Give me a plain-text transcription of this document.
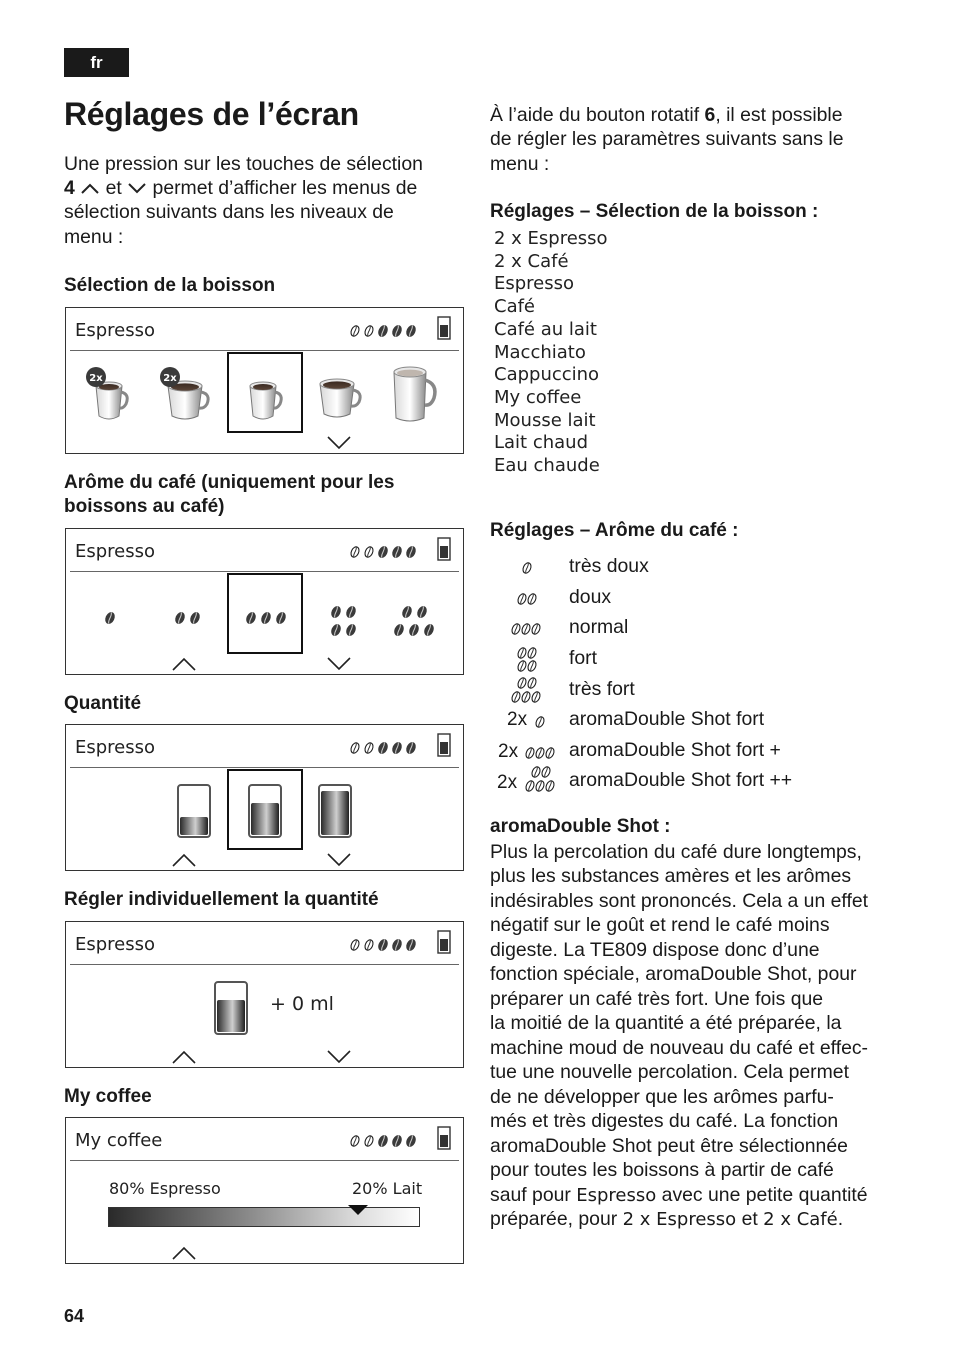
fr
Réglages de l’écran
Une pression sur les touches de sélection
4 et permet d’afficher les menus de
sélection suivants dans les niveaux de
menu :
Sélection de la boisson
Espresso
2x	2x
Arôme du café (uniquement pour les
boissons au café)
Espresso
Quantité
Espresso
Régler individuellement la quantité
Espresso
+ 0 ml
My coffee
My coffee
80% Espresso	20% Lait
64
À l’aide du bouton rotatif 6, il est possible
de régler les paramètres suivants sans le
menu :
Réglages – Sélection de la boisson :
2 x Espresso
2 x Café
Espresso
Café
Café au lait
Macchiato
Cappuccino
My coffee
Mousse lait
Lait chaud
Eau chaude
Réglages – Arôme du café :
très doux
doux
normal
fort
très fort
2x aromaDouble Shot fort
2x	aromaDouble Shot fort +
2x	aromaDouble Shot fort ++
aromaDouble Shot :
Plus la percolation du café dure longtemps,
plus les substances amères et les arômes
indésirables sont prononcés. Cela a un effet
négatif sur le goût et rend le café moins
digeste. La TE809 dispose donc d’une
fonction spéciale, aromaDouble Shot, pour
préparer un café très fort. Une fois que
la moitié de la quantité a été préparée, la
machine moud de nouveau du café et effec-
tue une nouvelle percolation. Cela permet
de ne développer que les arômes parfu-
més et très digestes du café. La fonction
aromaDouble Shot peut être sélectionnée
pour toutes les boissons à partir de café
sauf pour Espresso avec une petite quantité
préparée, pour 2 x Espresso et 2 x Café.
